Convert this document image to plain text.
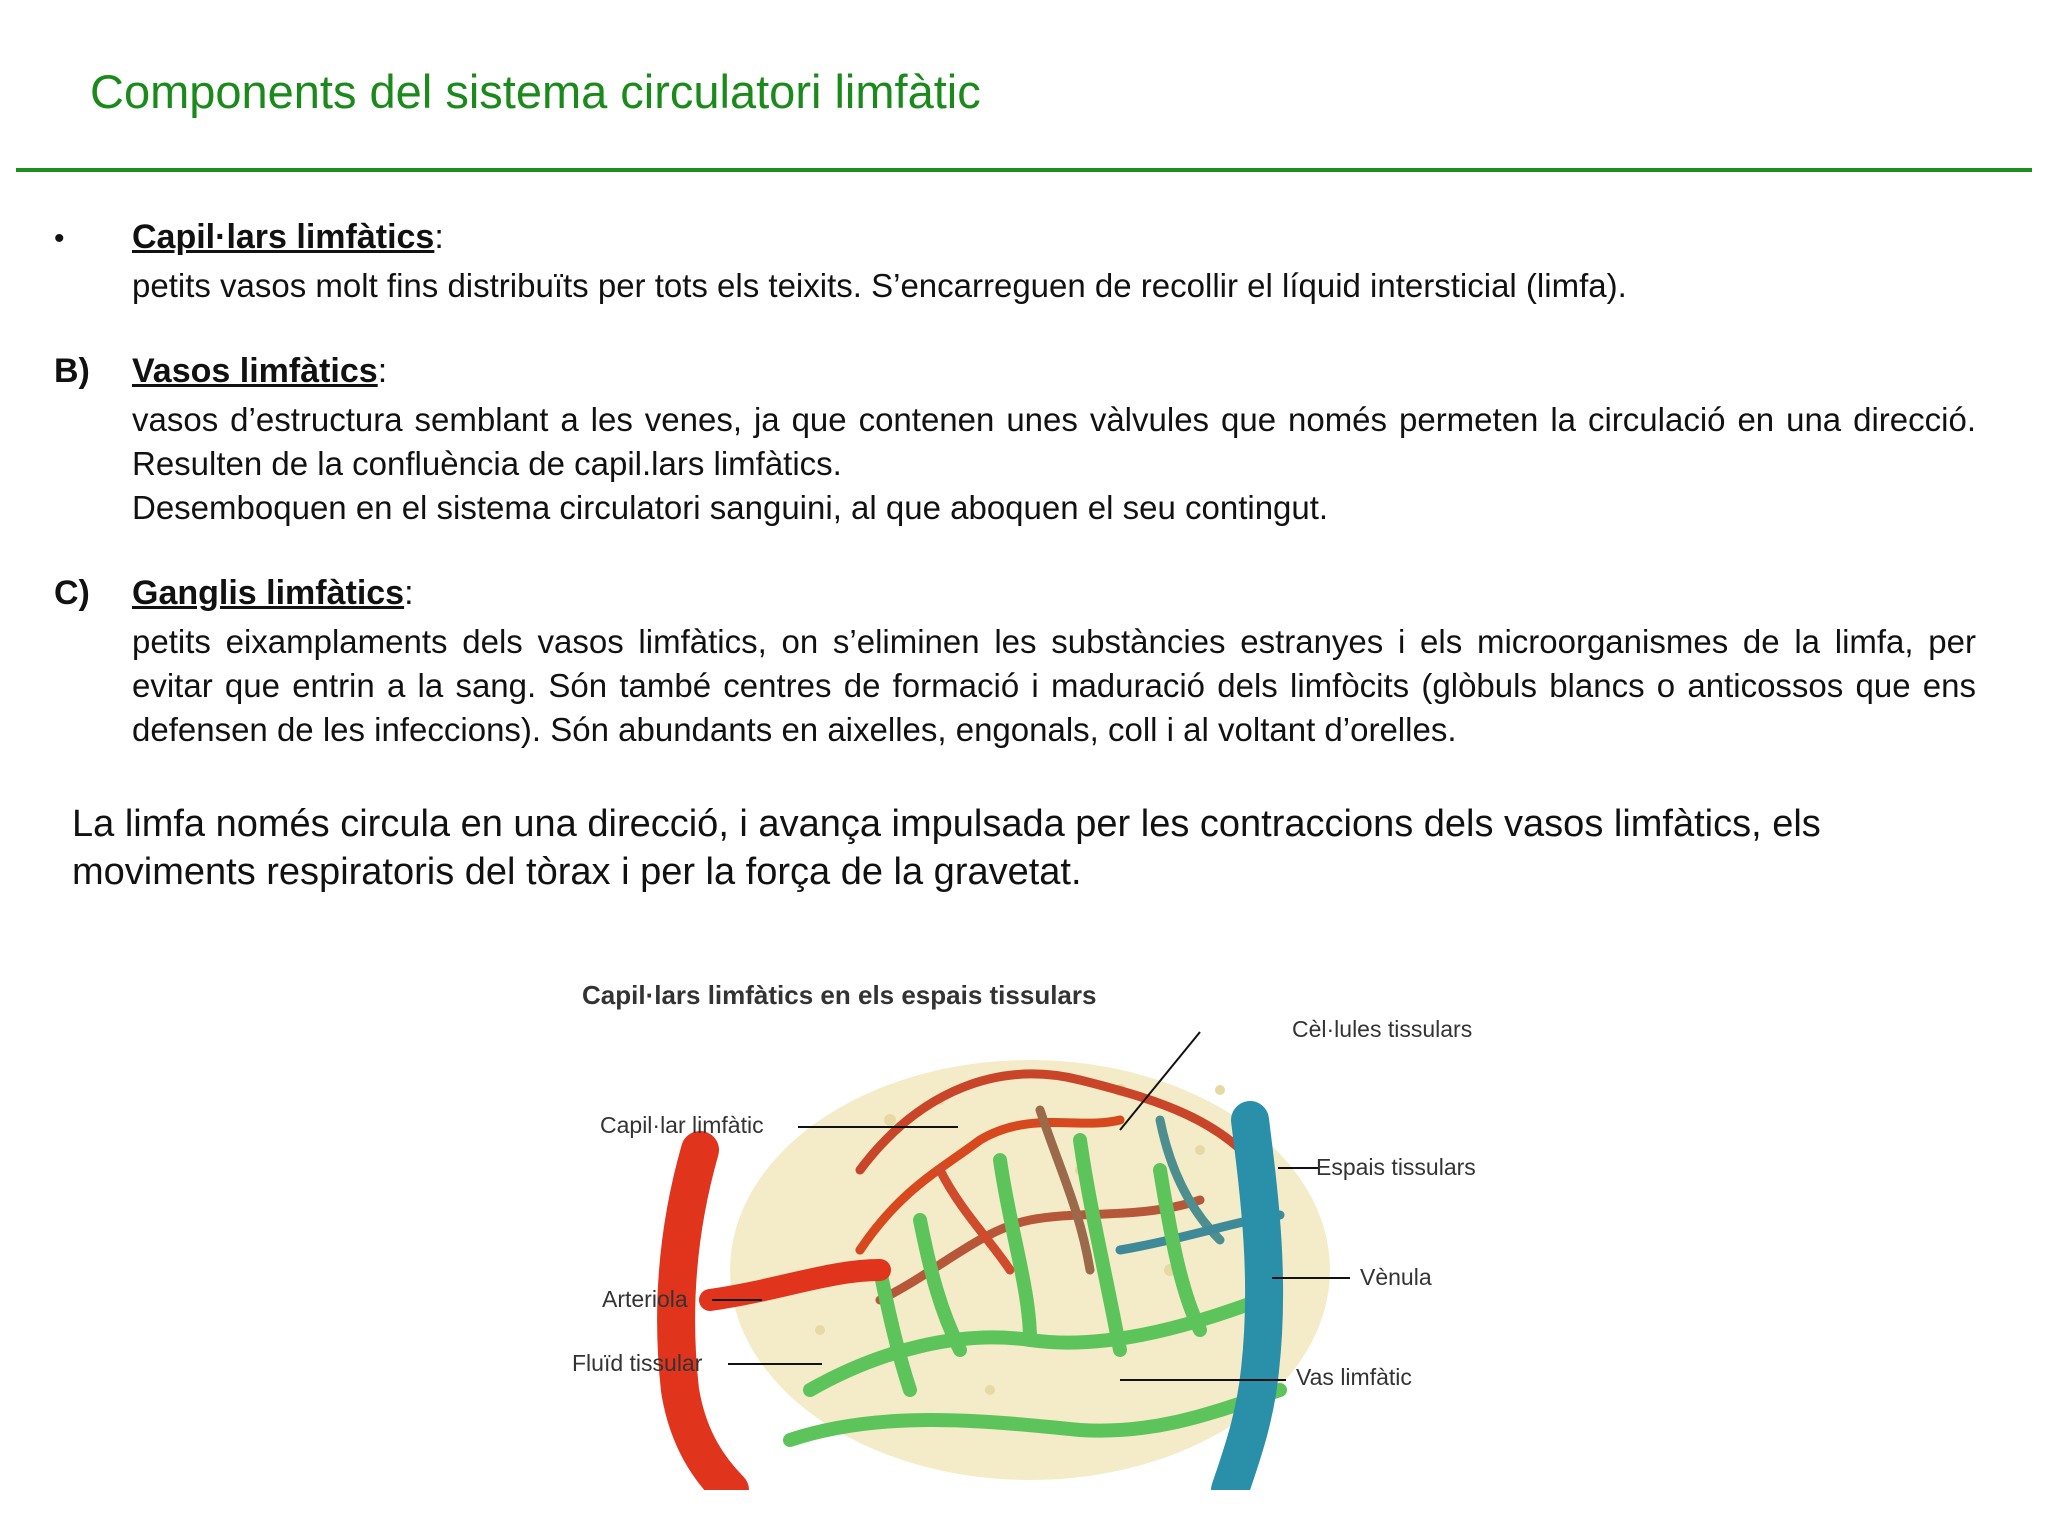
Components del sistema circulatori limfàtic
• Capil·lars limfàtics:

petits vasos molt fins distribuïts per tots els teixits. S’encarreguen de recollir el líquid intersticial (limfa).

B) Vasos limfàtics:

vasos d’estructura semblant a les venes, ja que contenen unes vàlvules que només permeten la circulació en una direcció. Resulten de la confluència de capil.lars limfàtics.

Desemboquen en el sistema circulatori sanguini, al que aboquen el seu contingut.

C) Ganglis limfàtics:

petits eixamplaments dels vasos limfàtics, on s’eliminen les substàncies estranyes i els microorganismes de la limfa, per evitar que entrin a la sang. Són també centres de formació i maduració dels limfòcits (glòbuls blancs o anticossos que ens defensen de les infeccions). Són abundants en aixelles, engonals, coll i al voltant d’orelles.

La limfa només circula en una direcció, i avança impulsada per les contraccions dels vasos limfàtics, els moviments respiratoris del tòrax i per la força de la gravetat.
Capil·lars limfàtics en els espais tissulars
Cèl·lules tissulars
Capil·lar limfàtic
Espais tissulars
Arteriola
Vènula
Fluïd tissular
Vas limfàtic
